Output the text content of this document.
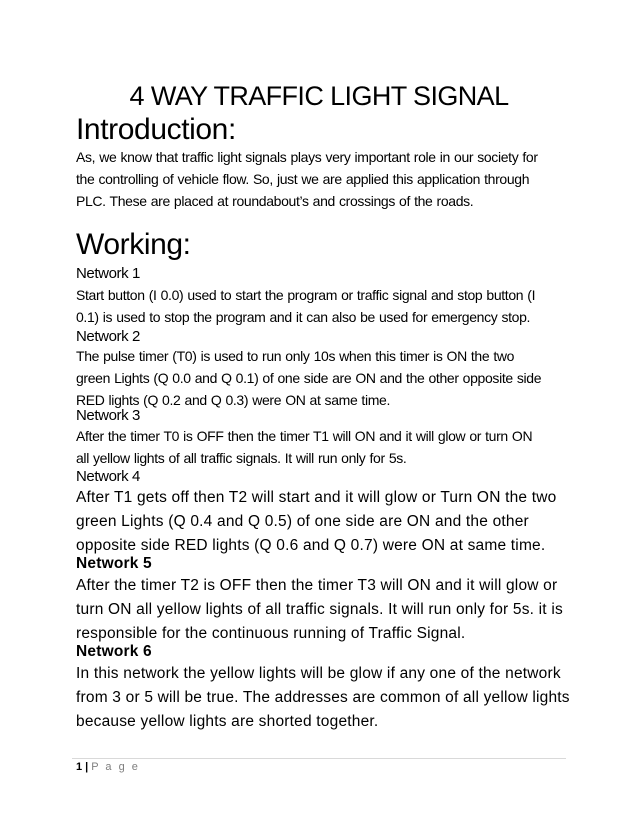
4 WAY TRAFFIC LIGHT SIGNAL
Introduction:
As, we know that traffic light signals plays very important role in our society for
the controlling of vehicle flow. So, just we are applied this application through
PLC. These are placed at roundabout’s and crossings of the roads.
Working:
Network 1
Start button (I 0.0) used to start the program or traffic signal and stop button (I
0.1) is used to stop the program and it can also be used for emergency stop.
Network 2
The pulse timer (T0) is used to run only 10s when this timer is ON the two
green Lights (Q 0.0 and Q 0.1) of one side are ON and the other opposite side
RED lights (Q 0.2 and Q 0.3) were ON at same time.
Network 3
After the timer T0 is OFF then the timer T1 will ON and it will glow or turn ON
all yellow lights of all traffic signals. It will run only for 5s.
Network 4
After T1 gets off then T2 will start and it will glow or Turn ON the two
green Lights (Q 0.4 and Q 0.5) of one side are ON and the other
opposite side RED lights (Q 0.6 and Q 0.7) were ON at same time.
Network 5
After the timer T2 is OFF then the timer T3 will ON and it will glow or
turn ON all yellow lights of all traffic signals. It will run only for 5s. it is
responsible for the continuous running of Traffic Signal.
Network 6
In this network the yellow lights will be glow if any one of the network
from 3 or 5 will be true. The addresses are common of all yellow lights
because yellow lights are shorted together.
1 | P a g e
